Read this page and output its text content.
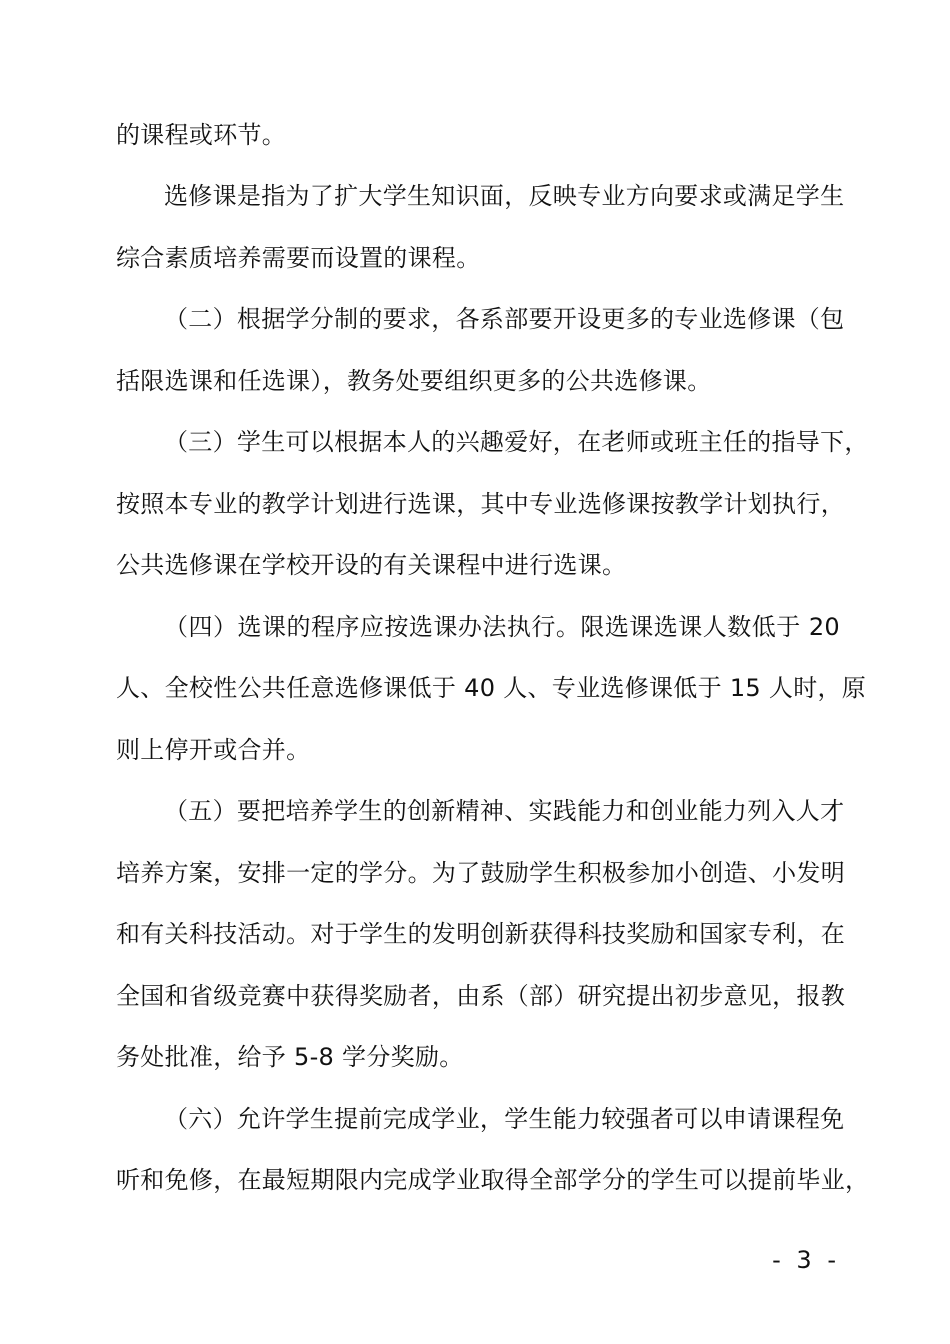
的课程或环节。
选修课是指为了扩大学生知识面，反映专业方向要求或满足学生
综合素质培养需要而设置的课程。
（二）根据学分制的要求，各系部要开设更多的专业选修课（包
括限选课和任选课），教务处要组织更多的公共选修课。
（三）学生可以根据本人的兴趣爱好，在老师或班主任的指导下，
按照本专业的教学计划进行选课，其中专业选修课按教学计划执行，
公共选修课在学校开设的有关课程中进行选课。
（四）选课的程序应按选课办法执行。限选课选课人数低于 20
人、全校性公共任意选修课低于 40 人、专业选修课低于 15 人时，原
则上停开或合并。
（五）要把培养学生的创新精神、实践能力和创业能力列入人才
培养方案，安排一定的学分。为了鼓励学生积极参加小创造、小发明
和有关科技活动。对于学生的发明创新获得科技奖励和国家专利，在
全国和省级竞赛中获得奖励者，由系（部）研究提出初步意见，报教
务处批准，给予 5-8 学分奖励。
（六）允许学生提前完成学业，学生能力较强者可以申请课程免
听和免修，在最短期限内完成学业取得全部学分的学生可以提前毕业，
- 3 -
